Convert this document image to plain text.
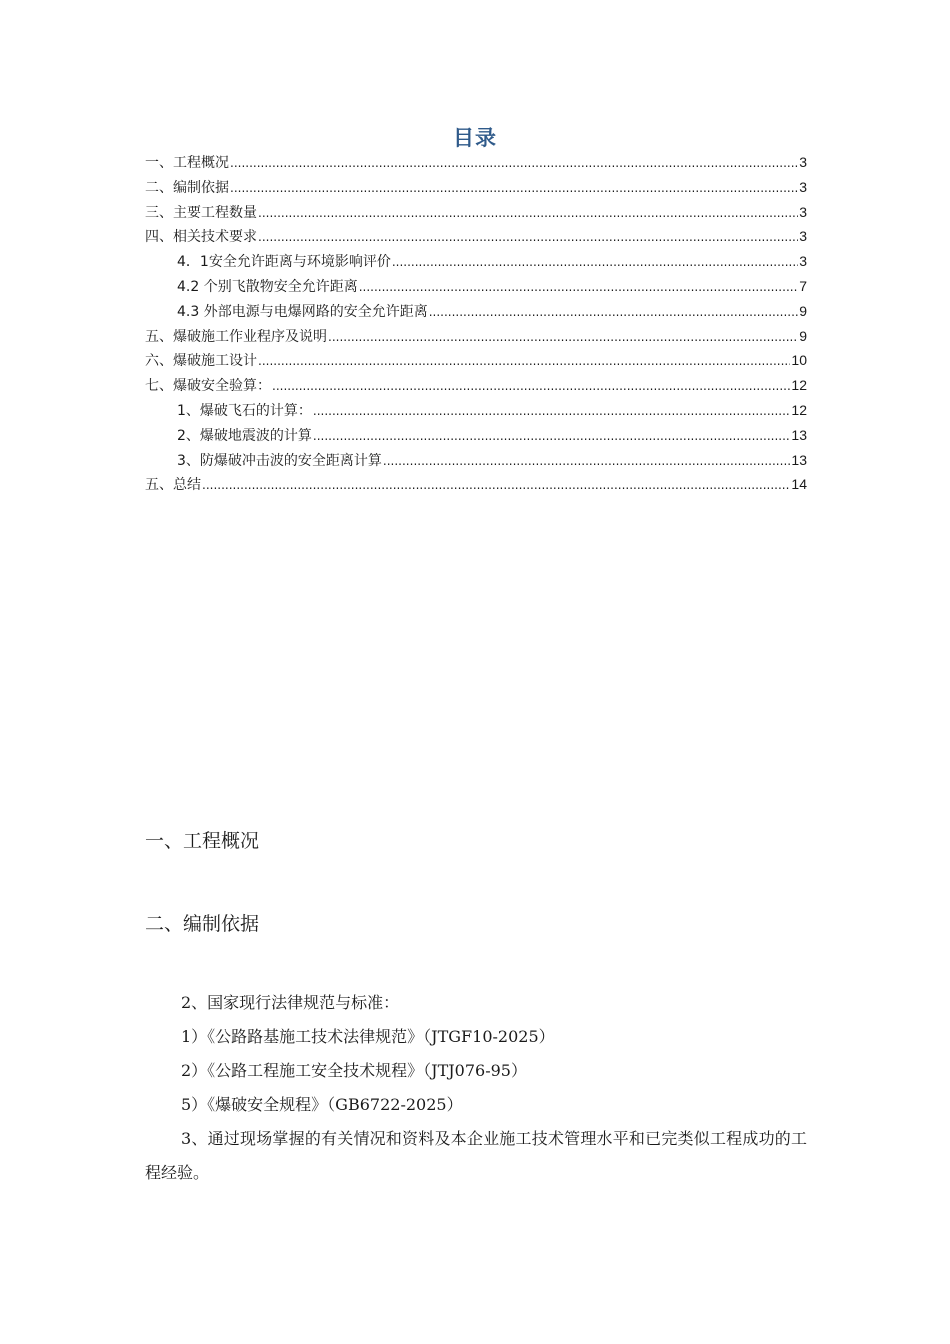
目录
一、工程概况 .....	3
二、编制依据 .....	3
三、主要工程数量 .....	3
四、相关技术要求 .....	3
4．1安全允许距离与环境影响评价 .....	3
4.2 个别飞散物安全允许距离 .....	7
4.3 外部电源与电爆网路的安全允许距离 .....	9
五、爆破施工作业程序及说明 .....	9
六、爆破施工设计 .....	10
七、爆破安全验算： .....	12
1、爆破飞石的计算： .....	12
2、爆破地震波的计算 .....	13
3、防爆破冲击波的安全距离计算 .....	13
五、总结 .....	14
一、工程概况
二、编制依据

2、国家现行法律规范与标准：

1）《公路路基施工技术法律规范》（JTGF10-2025）

2）《公路工程施工安全技术规程》（JTJ076-95）

5）《爆破安全规程》（GB6722-2025）

3、通过现场掌握的有关情况和资料及本企业施工技术管理水平和已完类似工程成功的工程经验。
